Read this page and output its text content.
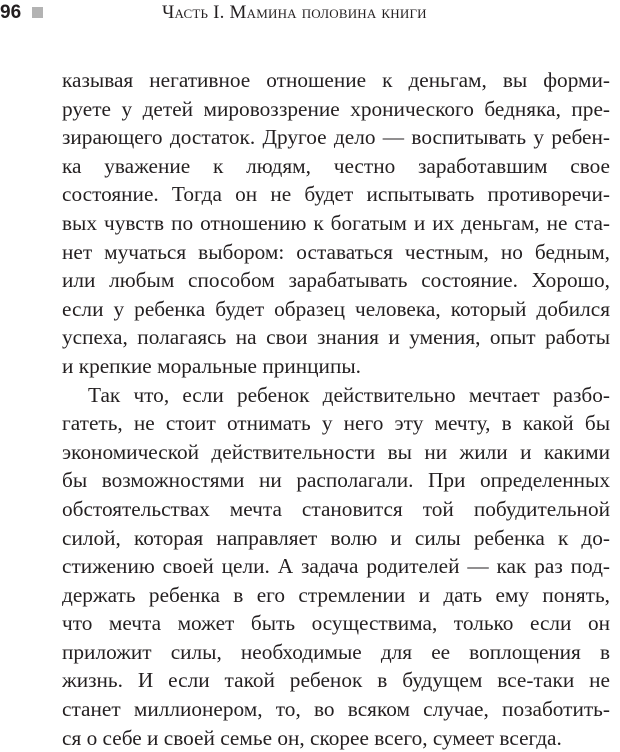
96	Часть I. Мамина половина книги
казывая негативное отношение к деньгам, вы форми-
руете у детей мировоззрение хронического бедняка, пре-
зирающего достаток. Другое дело — воспитывать у ребен-
ка уважение к людям, честно заработавшим свое
состояние. Тогда он не будет испытывать противоречи-
вых чувств по отношению к богатым и их деньгам, не ста-
нет мучаться выбором: оставаться честным, но бедным,
или любым способом зарабатывать состояние. Хорошо,
если у ребенка будет образец человека, который добился
успеха, полагаясь на свои знания и умения, опыт работы
и крепкие моральные принципы.
Так что, если ребенок действительно мечтает разбо-
гатеть, не стоит отнимать у него эту мечту, в какой бы
экономической действительности вы ни жили и какими
бы возможностями ни располагали. При определенных
обстоятельствах мечта становится той побудительной
силой, которая направляет волю и силы ребенка к до-
стижению своей цели. А задача родителей — как раз под-
держать ребенка в его стремлении и дать ему понять,
что мечта может быть осуществима, только если он
приложит силы, необходимые для ее воплощения в
жизнь. И если такой ребенок в будущем все-таки не
станет миллионером, то, во всяком случае, позаботить-
ся о себе и своей семье он, скорее всего, сумеет всегда.
